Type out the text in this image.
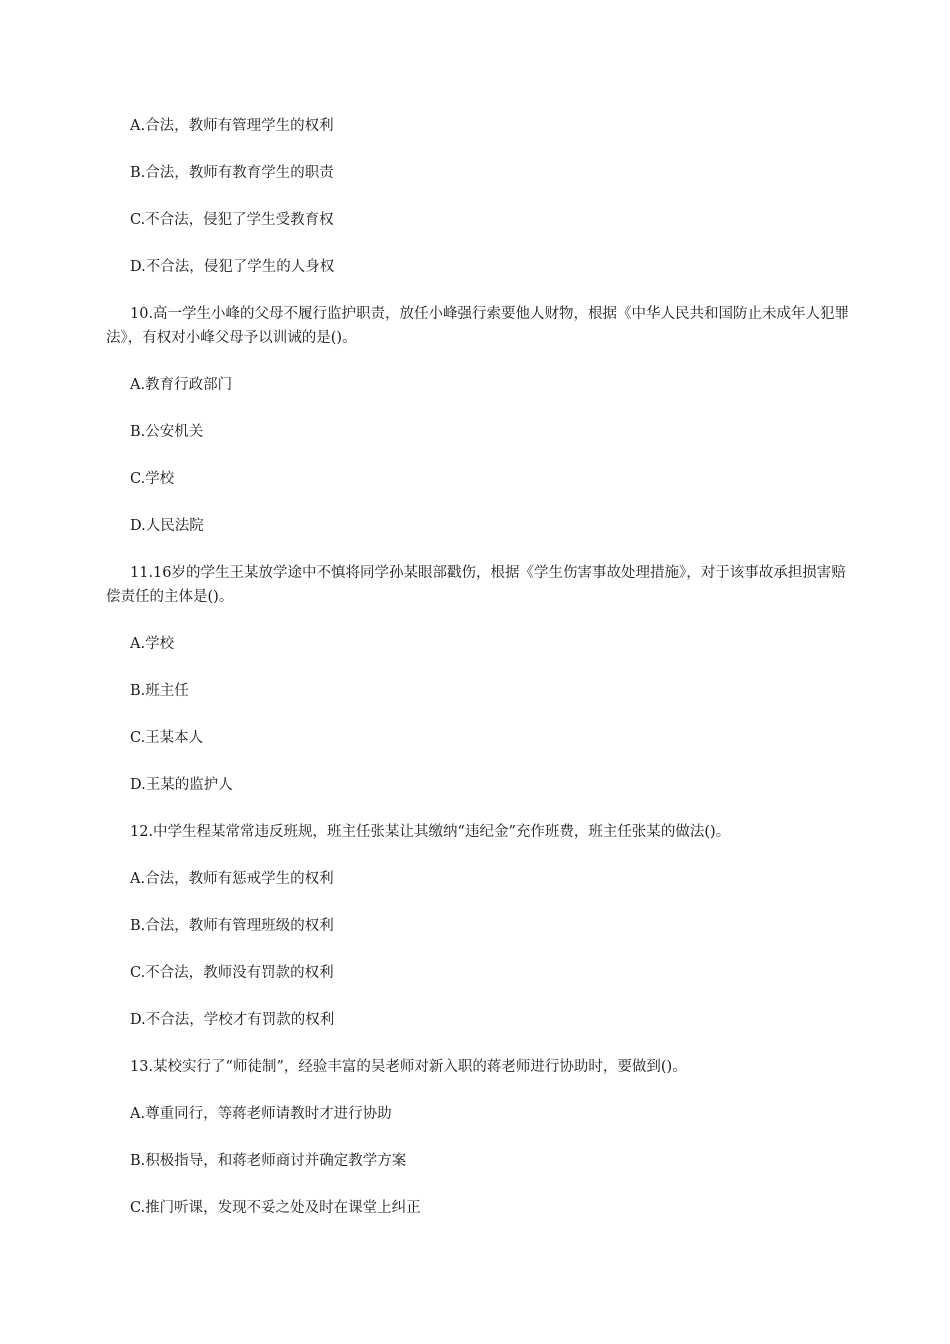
A.合法，教师有管理学生的权利

B.合法，教师有教育学生的职责

C.不合法，侵犯了学生受教育权

D.不合法，侵犯了学生的人身权

10.高一学生小峰的父母不履行监护职责，放任小峰强行索要他人财物，根据《中华人民共和国防止未成年人犯罪法》，有权对小峰父母予以训诫的是()。

A.教育行政部门

B.公安机关

C.学校

D.人民法院

11.16岁的学生王某放学途中不慎将同学孙某眼部戳伤，根据《学生伤害事故处理措施》，对于该事故承担损害赔偿责任的主体是()。

A.学校

B.班主任

C.王某本人

D.王某的监护人

12.中学生程某常常违反班规，班主任张某让其缴纳“违纪金”充作班费，班主任张某的做法()。

A.合法，教师有惩戒学生的权利

B.合法，教师有管理班级的权利

C.不合法，教师没有罚款的权利

D.不合法，学校才有罚款的权利

13.某校实行了“师徒制”，经验丰富的吴老师对新入职的蒋老师进行协助时，要做到()。

A.尊重同行，等蒋老师请教时才进行协助

B.积极指导，和蒋老师商讨并确定教学方案

C.推门听课，发现不妥之处及时在课堂上纠正
